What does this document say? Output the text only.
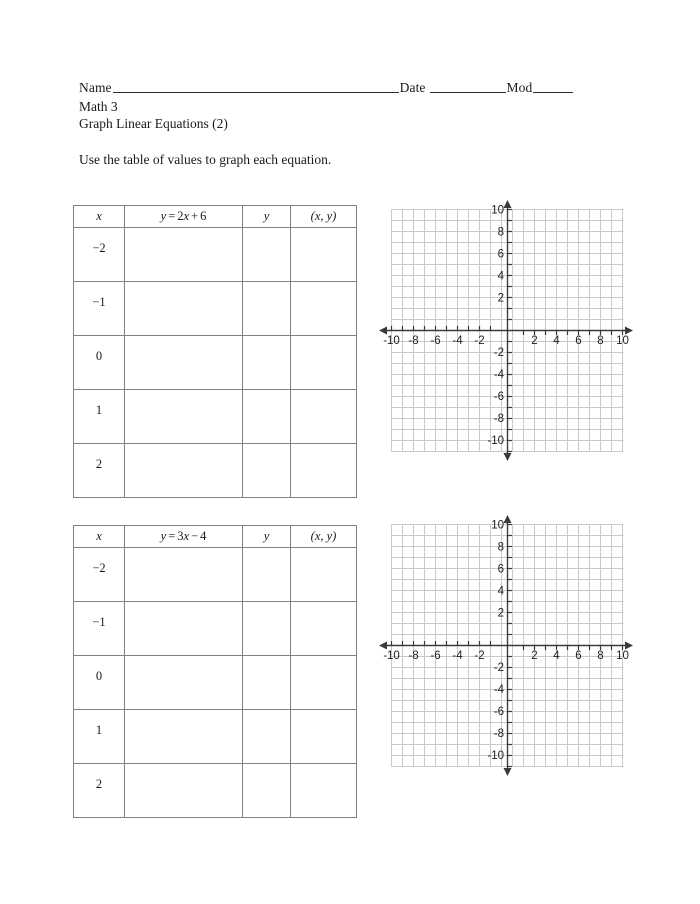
Name	Date	Mod
Math 3
Graph Linear Equations (2)
Use the table of values to graph each equation.
x	y = 2x + 6	y	(x, y)
−2			
−1			
0			
1			
2			
-10 -8 -6 -4 -2	2 4 6 8 10
10
8
6
4
2
-2
-4
-6
-8
-10
x	y = 3x − 4	y	(x, y)
−2			
−1			
0			
1			
2			
-10 -8 -6 -4 -2	2 4 6 8 10
10
8
6
4
2
-2
-4
-6
-8
-10
